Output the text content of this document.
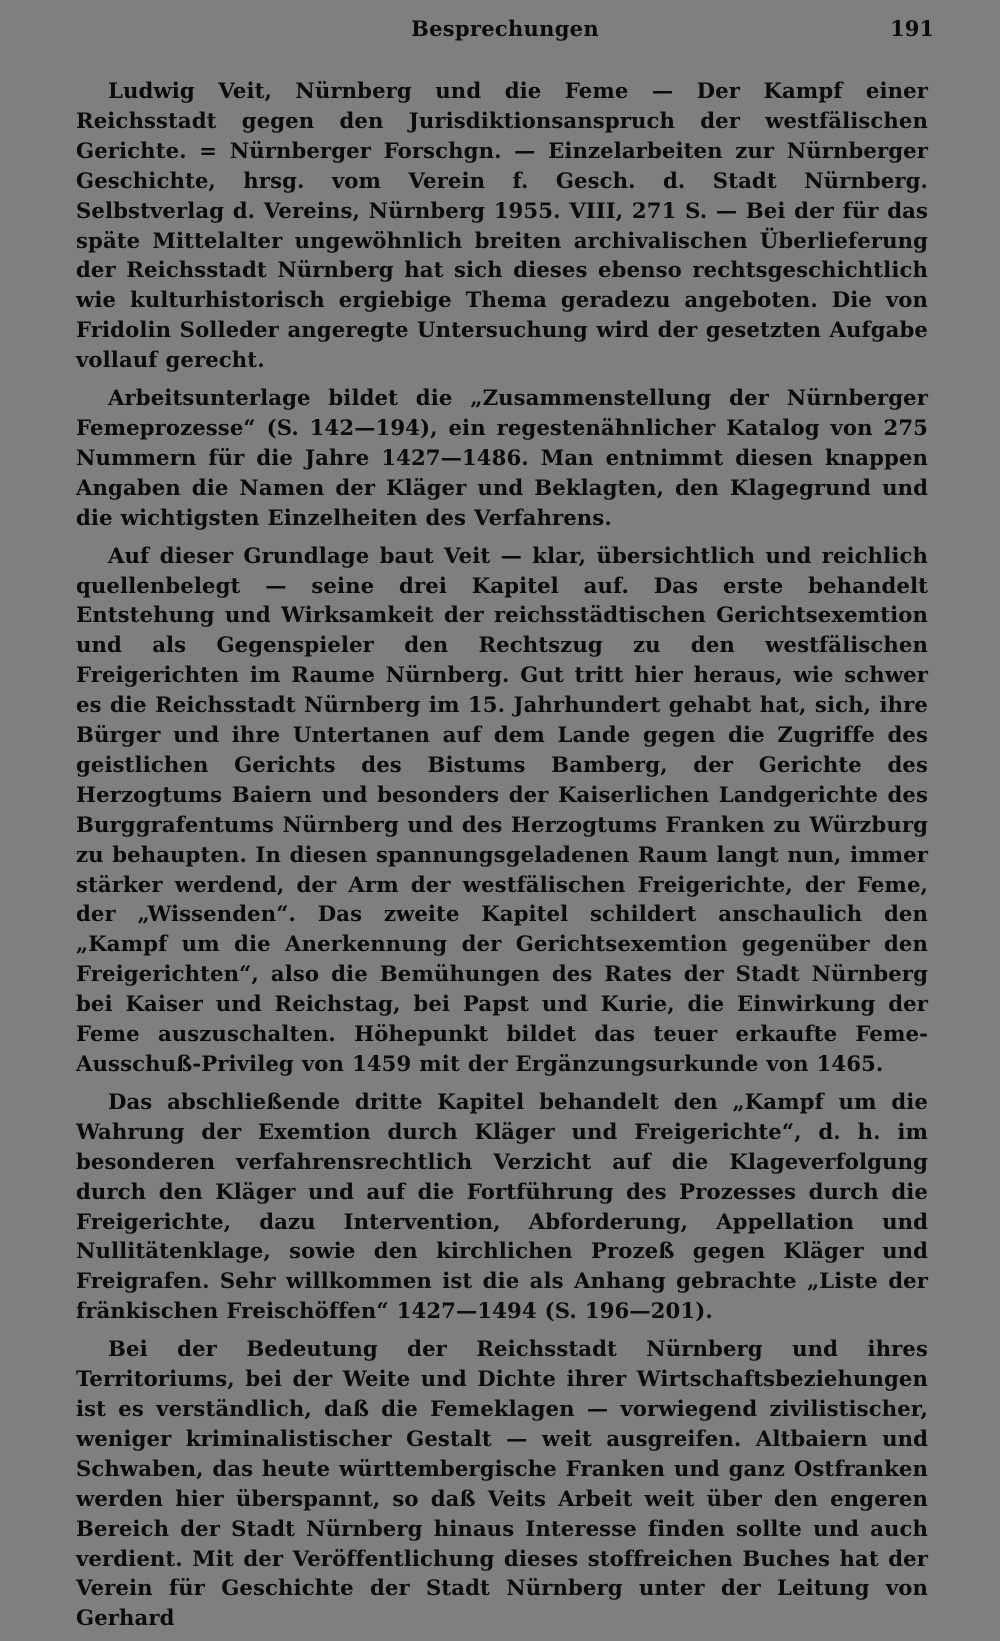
Besprechungen	191

Ludwig Veit, Nürnberg und die Feme — Der Kampf einer Reichsstadt gegen den Jurisdiktionsanspruch der westfälischen Gerichte. = Nürnberger Forschgn. — Einzelarbeiten zur Nürnberger Geschichte, hrsg. vom Verein f. Gesch. d. Stadt Nürnberg. Selbstverlag d. Vereins, Nürnberg 1955. VIII, 271 S. — Bei der für das späte Mittelalter ungewöhnlich breiten archivalischen Überlieferung der Reichsstadt Nürnberg hat sich dieses ebenso rechtsgeschichtlich wie kulturhistorisch ergiebige Thema geradezu angeboten. Die von Fridolin Solleder angeregte Untersuchung wird der gesetzten Aufgabe vollauf gerecht.

Arbeitsunterlage bildet die „Zusammenstellung der Nürnberger Femeprozesse“ (S. 142—194), ein regestenähnlicher Katalog von 275 Nummern für die Jahre 1427—1486. Man entnimmt diesen knappen Angaben die Namen der Kläger und Beklagten, den Klagegrund und die wichtigsten Einzelheiten des Verfahrens.

Auf dieser Grundlage baut Veit — klar, übersichtlich und reichlich quellenbelegt — seine drei Kapitel auf. Das erste behandelt Entstehung und Wirksamkeit der reichsstädtischen Gerichtsexemtion und als Gegenspieler den Rechtszug zu den westfälischen Freigerichten im Raume Nürnberg. Gut tritt hier heraus, wie schwer es die Reichsstadt Nürnberg im 15. Jahrhundert gehabt hat, sich, ihre Bürger und ihre Untertanen auf dem Lande gegen die Zugriffe des geistlichen Gerichts des Bistums Bamberg, der Gerichte des Herzogtums Baiern und besonders der Kaiserlichen Landgerichte des Burggrafentums Nürnberg und des Herzogtums Franken zu Würzburg zu behaupten. In diesen spannungsgeladenen Raum langt nun, immer stärker werdend, der Arm der westfälischen Freigerichte, der Feme, der „Wissenden“. Das zweite Kapitel schildert anschaulich den „Kampf um die Anerkennung der Gerichtsexemtion gegenüber den Freigerichten“, also die Bemühungen des Rates der Stadt Nürnberg bei Kaiser und Reichstag, bei Papst und Kurie, die Einwirkung der Feme auszuschalten. Höhepunkt bildet das teuer erkaufte Feme-Ausschuß-Privileg von 1459 mit der Ergänzungsurkunde von 1465.

Das abschließende dritte Kapitel behandelt den „Kampf um die Wahrung der Exemtion durch Kläger und Freigerichte“, d. h. im besonderen verfahrensrechtlich Verzicht auf die Klageverfolgung durch den Kläger und auf die Fortführung des Prozesses durch die Freigerichte, dazu Intervention, Abforderung, Appellation und Nullitätenklage, sowie den kirchlichen Prozeß gegen Kläger und Freigrafen. Sehr willkommen ist die als Anhang gebrachte „Liste der fränkischen Freischöffen“ 1427—1494 (S. 196—201).

Bei der Bedeutung der Reichsstadt Nürnberg und ihres Territoriums, bei der Weite und Dichte ihrer Wirtschaftsbeziehungen ist es verständlich, daß die Femeklagen — vorwiegend zivilistischer, weniger kriminalistischer Gestalt — weit ausgreifen. Altbaiern und Schwaben, das heute württembergische Franken und ganz Ostfranken werden hier überspannt, so daß Veits Arbeit weit über den engeren Bereich der Stadt Nürnberg hinaus Interesse finden sollte und auch verdient. Mit der Veröffentlichung dieses stoffreichen Buches hat der Verein für Geschichte der Stadt Nürnberg unter der Leitung von Gerhard
